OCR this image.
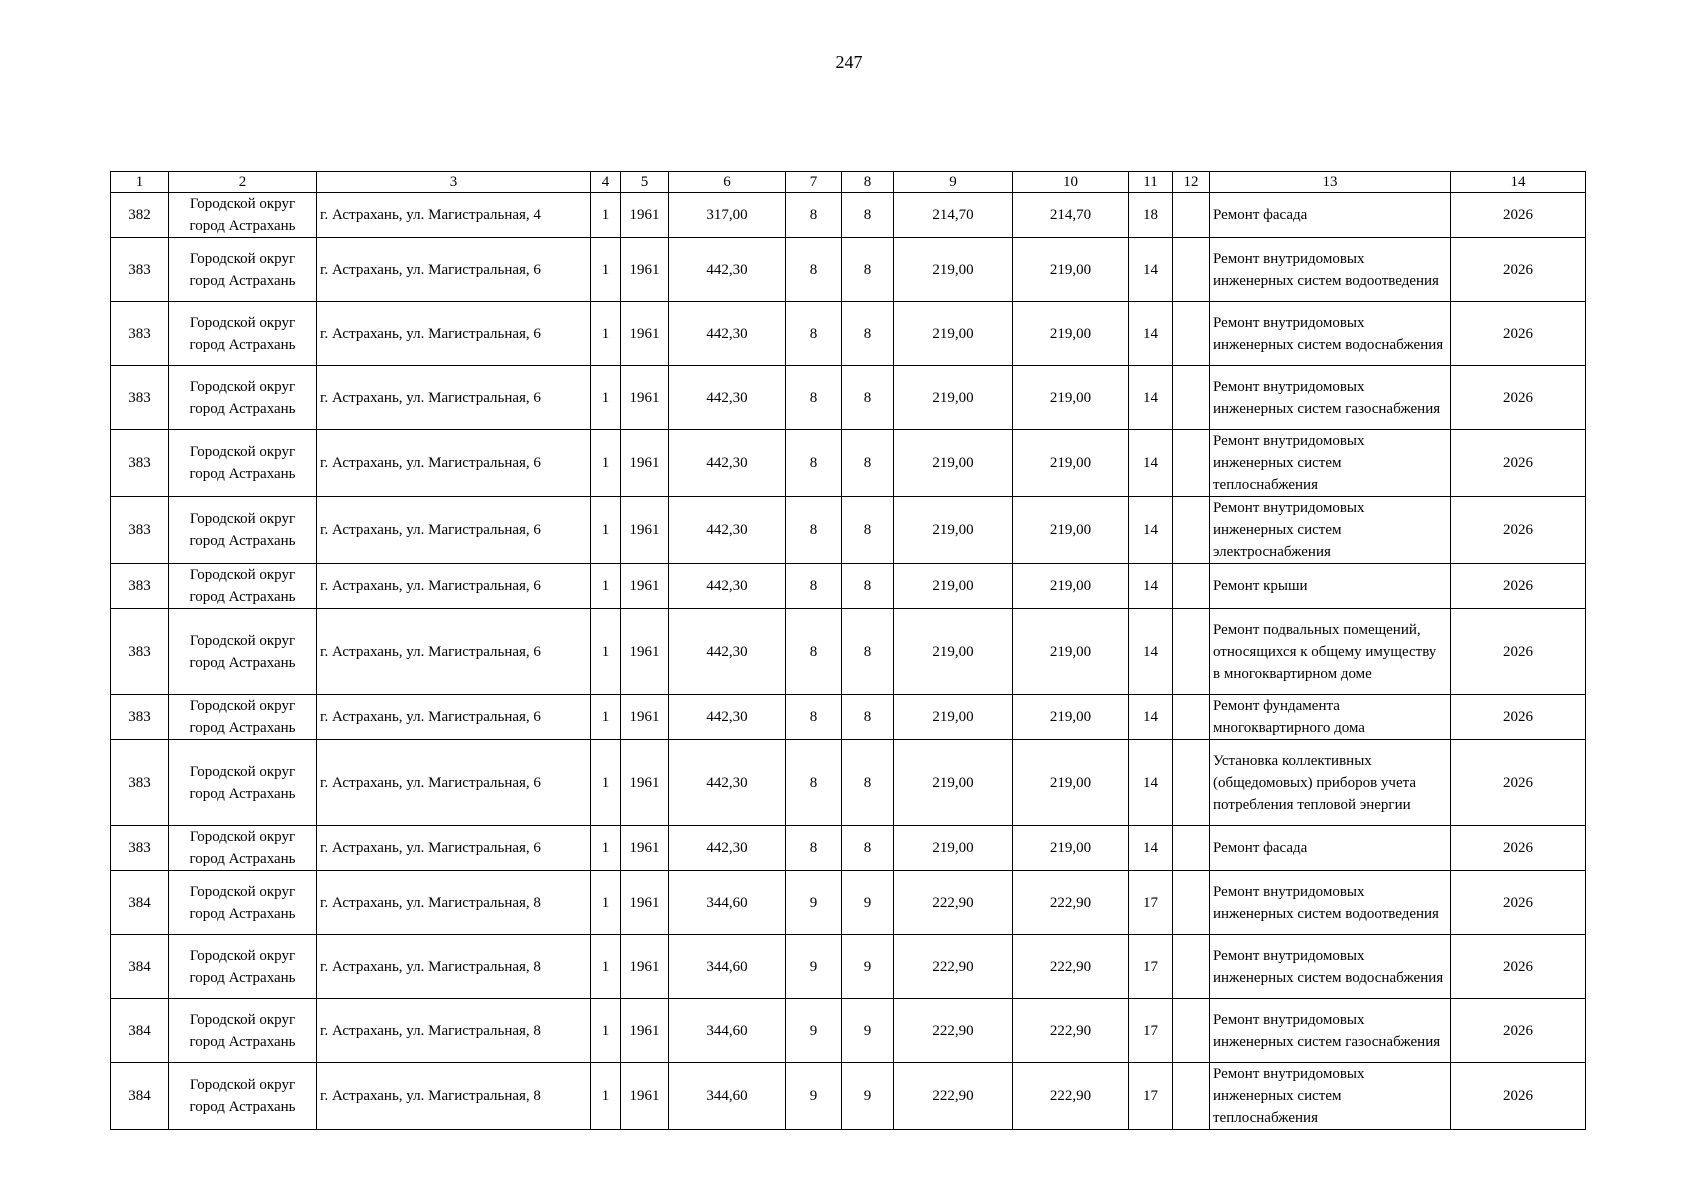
247
1	2	3	4	5	6	7	8	9	10	11	12	13	14
382	Городской округ город Астрахань	г. Астрахань, ул. Магистральная, 4	1	1961	317,00	8	8	214,70	214,70	18		Ремонт фасада	2026
383	Городской округ город Астрахань	г. Астрахань, ул. Магистральная, 6	1	1961	442,30	8	8	219,00	219,00	14		Ремонт внутридомовых инженерных систем водоотведения	2026
383	Городской округ город Астрахань	г. Астрахань, ул. Магистральная, 6	1	1961	442,30	8	8	219,00	219,00	14		Ремонт внутридомовых инженерных систем водоснабжения	2026
383	Городской округ город Астрахань	г. Астрахань, ул. Магистральная, 6	1	1961	442,30	8	8	219,00	219,00	14		Ремонт внутридомовых инженерных систем газоснабжения	2026
383	Городской округ город Астрахань	г. Астрахань, ул. Магистральная, 6	1	1961	442,30	8	8	219,00	219,00	14		Ремонт внутридомовых инженерных систем теплоснабжения	2026
383	Городской округ город Астрахань	г. Астрахань, ул. Магистральная, 6	1	1961	442,30	8	8	219,00	219,00	14		Ремонт внутридомовых инженерных систем электроснабжения	2026
383	Городской округ город Астрахань	г. Астрахань, ул. Магистральная, 6	1	1961	442,30	8	8	219,00	219,00	14		Ремонт крыши	2026
383	Городской округ город Астрахань	г. Астрахань, ул. Магистральная, 6	1	1961	442,30	8	8	219,00	219,00	14		Ремонт подвальных помещений, относящихся к общему имуществу в многоквартирном доме	2026
383	Городской округ город Астрахань	г. Астрахань, ул. Магистральная, 6	1	1961	442,30	8	8	219,00	219,00	14		Ремонт фундамента многоквартирного дома	2026
383	Городской округ город Астрахань	г. Астрахань, ул. Магистральная, 6	1	1961	442,30	8	8	219,00	219,00	14		Установка коллективных (общедомовых) приборов учета потребления тепловой энергии	2026
383	Городской округ город Астрахань	г. Астрахань, ул. Магистральная, 6	1	1961	442,30	8	8	219,00	219,00	14		Ремонт фасада	2026
384	Городской округ город Астрахань	г. Астрахань, ул. Магистральная, 8	1	1961	344,60	9	9	222,90	222,90	17		Ремонт внутридомовых инженерных систем водоотведения	2026
384	Городской округ город Астрахань	г. Астрахань, ул. Магистральная, 8	1	1961	344,60	9	9	222,90	222,90	17		Ремонт внутридомовых инженерных систем водоснабжения	2026
384	Городской округ город Астрахань	г. Астрахань, ул. Магистральная, 8	1	1961	344,60	9	9	222,90	222,90	17		Ремонт внутридомовых инженерных систем газоснабжения	2026
384	Городской округ город Астрахань	г. Астрахань, ул. Магистральная, 8	1	1961	344,60	9	9	222,90	222,90	17		Ремонт внутридомовых инженерных систем теплоснабжения	2026
